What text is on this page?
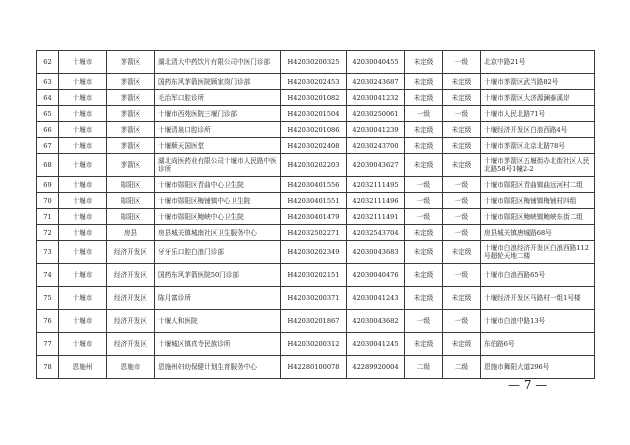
62	十堰市	茅箭区	湖北清大中药饮片有限公司中医门诊部	H42030200325	42030040455	未定级	一级	北京中路21号
63	十堰市	茅箭区	国药东风茅箭医院顾家岗门诊部	H42030202453	42030243687	未定级	未定级	十堰市茅箭区武当路82号
64	十堰市	茅箭区	毛治军口腔诊所	H42030201082	42030041232	未定级	未定级	十堰市茅箭区大济源澜泰溪岸
65	十堰市	茅箭区	十堰市西苑医院三堰门诊部	H42030201504	42030250061	一级	一级	十堰市人民北路71号
66	十堰市	茅箭区	十堰清泉口腔诊所	H42030201086	42030041239	未定级	未定级	十堰经济开发区白浪西路4号
67	十堰市	茅箭区	十堰顺天国医堂	H42030202408	42030243700	未定级	未定级	十堰市茅箭区北京北路78号
68	十堰市	茅箭区	湖北尚医药业有限公司十堰市人民路中医诊所	H42030202203	42030043627	未定级	未定级	十堰市茅箭区五堰街办北街社区人民北路58号1幢2-2
69	十堰市	郧阳区	十堰市郧阳区青曲中心卫生院	H42030401556	42032111495	一级	一级	十堰市郧阳区青曲镇曲远河村二组
70	十堰市	郧阳区	十堰市郧阳区梅铺镇中心卫生院	H42030401551	42032111496	一级	一级	十堰市郧阳区梅铺镇梅铺村四组
71	十堰市	郧阳区	十堰市郧阳区鲍峡中心卫生院	H42030401479	42032111491	一级	一级	十堰市郧阳区鲍峡镇鲍峡东街二组
72	十堰市	房县	房县城关镇城南社区卫生服务中心	H42032502271	42032543704	未定级	一级	房县城关镇唐城路68号
73	十堰市	经济开发区	牙牙乐口腔白浪门诊部	H42030202349	42030043683	未定级	未定级	十堰市白浪经济开发区白浪西路112号超轮天地二楼
74	十堰市	经济开发区	国药东风茅箭医院50门诊部	H42030202151	42030040476	未定级	一级	十堰市白浪西路65号
75	十堰市	经济开发区	陈月富诊所	H42030200371	42030041243	未定级	未定级	十堰经济开发区马路村一组1号楼
76	十堰市	经济开发区	十堰人和医院	H42030201867	42030043682	一级	一级	十堰市白浪中路13号
77	十堰市	经济开发区	十堰城区镇真寺民族诊所	H42030200312	42030041245	未定级	未定级	东伯路6号
78	恩施州	恩施市	恩施州妇幼保健计划生育服务中心	H42280100078	42289920004	二级	二级	恩施市舞阳大道296号
— 7 —
